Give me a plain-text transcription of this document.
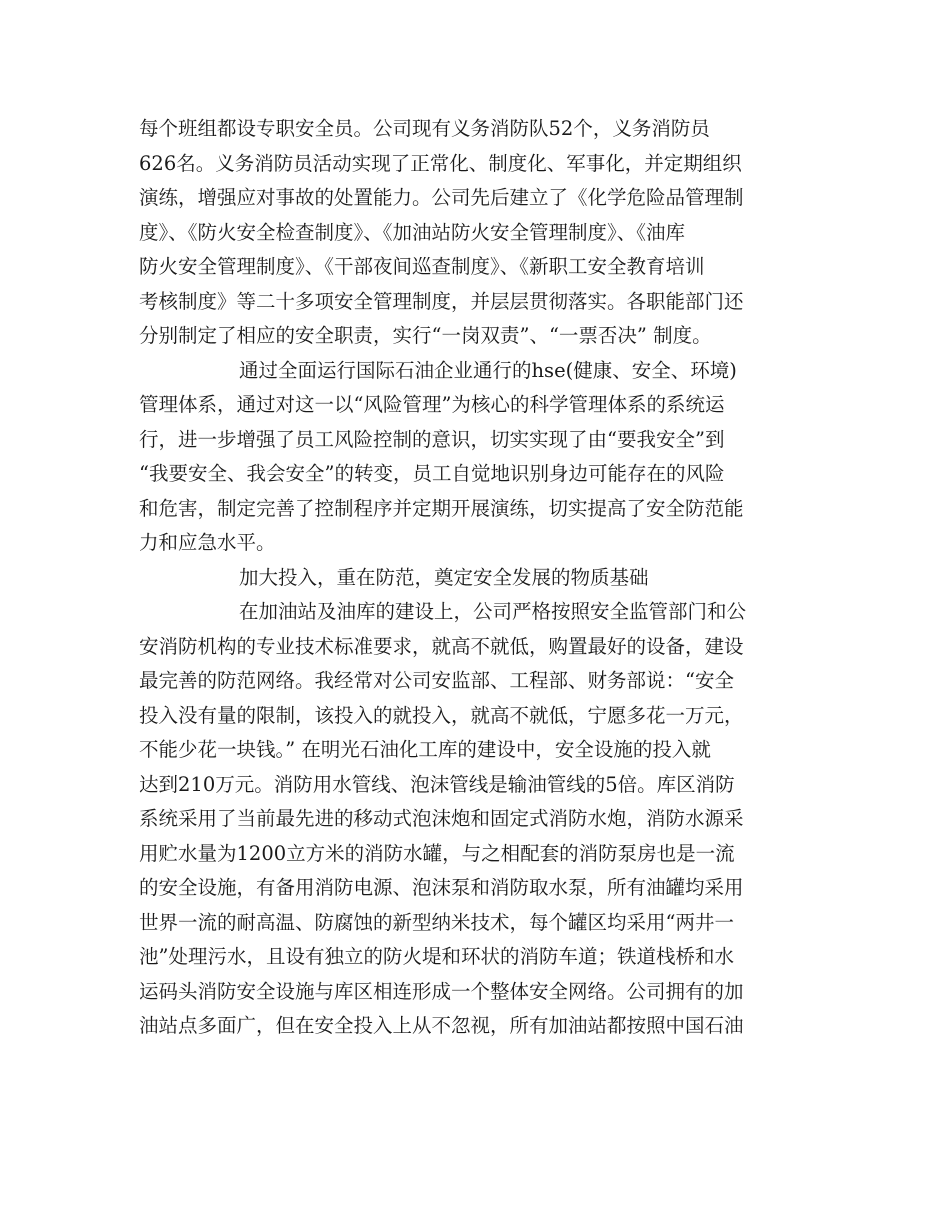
每个班组都设专职安全员。公司现有义务消防队52个，义务消防员
626名。义务消防员活动实现了正常化、制度化、军事化，并定期组织
演练，增强应对事故的处置能力。公司先后建立了《化学危险品管理制
度》、《防火安全检查制度》、《加油站防火安全管理制度》、《油库
防火安全管理制度》、《干部夜间巡查制度》、《新职工安全教育培训
考核制度》等二十多项安全管理制度，并层层贯彻落实。各职能部门还
分别制定了相应的安全职责，实行“一岗双责”、“一票否决” 制度。
通过全面运行国际石油企业通行的hse(健康、安全、环境)
管理体系，通过对这一以“风险管理”为核心的科学管理体系的系统运
行，进一步增强了员工风险控制的意识，切实实现了由“要我安全”到
“我要安全、我会安全”的转变，员工自觉地识别身边可能存在的风险
和危害，制定完善了控制程序并定期开展演练，切实提高了安全防范能
力和应急水平。
加大投入，重在防范，奠定安全发展的物质基础
在加油站及油库的建设上，公司严格按照安全监管部门和公
安消防机构的专业技术标准要求，就高不就低，购置最好的设备，建设
最完善的防范网络。我经常对公司安监部、工程部、财务部说：“安全
投入没有量的限制，该投入的就投入，就高不就低，宁愿多花一万元，
不能少花一块钱。” 在明光石油化工库的建设中，安全设施的投入就
达到210万元。消防用水管线、泡沫管线是输油管线的5倍。库区消防
系统采用了当前最先进的移动式泡沫炮和固定式消防水炮，消防水源采
用贮水量为1200立方米的消防水罐，与之相配套的消防泵房也是一流
的安全设施，有备用消防电源、泡沫泵和消防取水泵，所有油罐均采用
世界一流的耐高温、防腐蚀的新型纳米技术，每个罐区均采用“两井一
池”处理污水，且设有独立的防火堤和环状的消防车道；铁道栈桥和水
运码头消防安全设施与库区相连形成一个整体安全网络。公司拥有的加
油站点多面广，但在安全投入上从不忽视，所有加油站都按照中国石油
